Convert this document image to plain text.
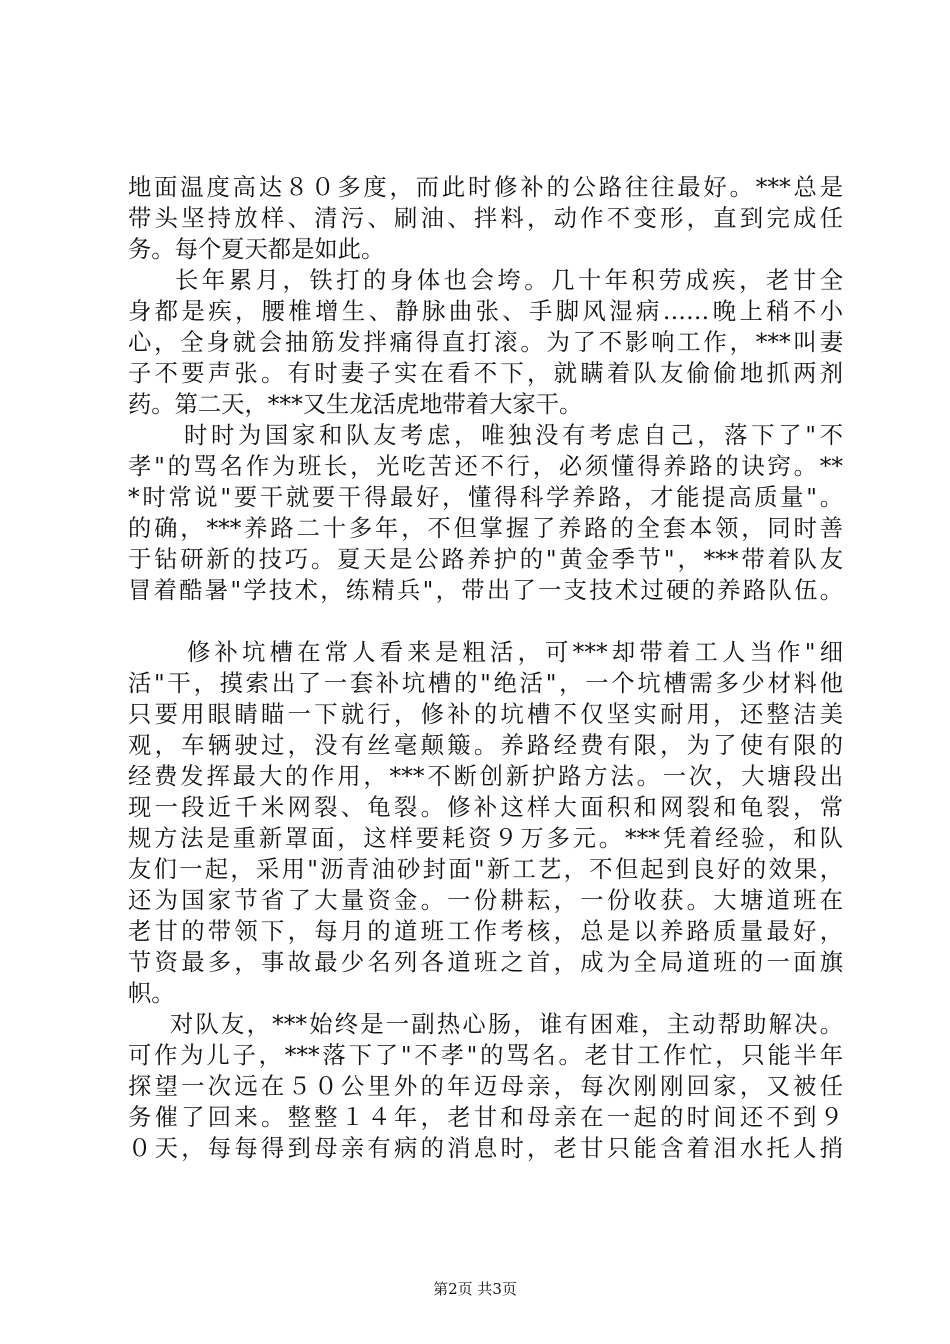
地面温度高达８０多度，而此时修补的公路往往最好。***总是
带头坚持放样、清污、刷油、拌料，动作不变形，直到完成任
务。每个夏天都是如此。
长年累月，铁打的身体也会垮。几十年积劳成疾，老甘全
身都是疾，腰椎增生、静脉曲张、手脚风湿病……晚上稍不小
心，全身就会抽筋发拌痛得直打滚。为了不影响工作，***叫妻
子不要声张。有时妻子实在看不下，就瞒着队友偷偷地抓两剂
药。第二天，***又生龙活虎地带着大家干。
时时为国家和队友考虑，唯独没有考虑自己，落下了"不
孝"的骂名作为班长，光吃苦还不行，必须懂得养路的诀窍。**
*时常说"要干就要干得最好，懂得科学养路，才能提高质量"。
的确，***养路二十多年，不但掌握了养路的全套本领，同时善
于钻研新的技巧。夏天是公路养护的"黄金季节"，***带着队友
冒着酷暑"学技术，练精兵"，带出了一支技术过硬的养路队伍。
修补坑槽在常人看来是粗活，可***却带着工人当作"细
活"干，摸索出了一套补坑槽的"绝活"，一个坑槽需多少材料他
只要用眼睛瞄一下就行，修补的坑槽不仅坚实耐用，还整洁美
观，车辆驶过，没有丝毫颠簸。养路经费有限，为了使有限的
经费发挥最大的作用，***不断创新护路方法。一次，大塘段出
现一段近千米网裂、龟裂。修补这样大面积和网裂和龟裂，常
规方法是重新罩面，这样要耗资９万多元。***凭着经验，和队
友们一起，采用"沥青油砂封面"新工艺，不但起到良好的效果，
还为国家节省了大量资金。一份耕耘，一份收获。大塘道班在
老甘的带领下，每月的道班工作考核，总是以养路质量最好，
节资最多，事故最少名列各道班之首，成为全局道班的一面旗
帜。
对队友，***始终是一副热心肠，谁有困难，主动帮助解决。
可作为儿子，***落下了"不孝"的骂名。老甘工作忙，只能半年
探望一次远在５０公里外的年迈母亲，每次刚刚回家，又被任
务催了回来。整整１４年，老甘和母亲在一起的时间还不到９
０天，每每得到母亲有病的消息时，老甘只能含着泪水托人捎
第2页 共3页
